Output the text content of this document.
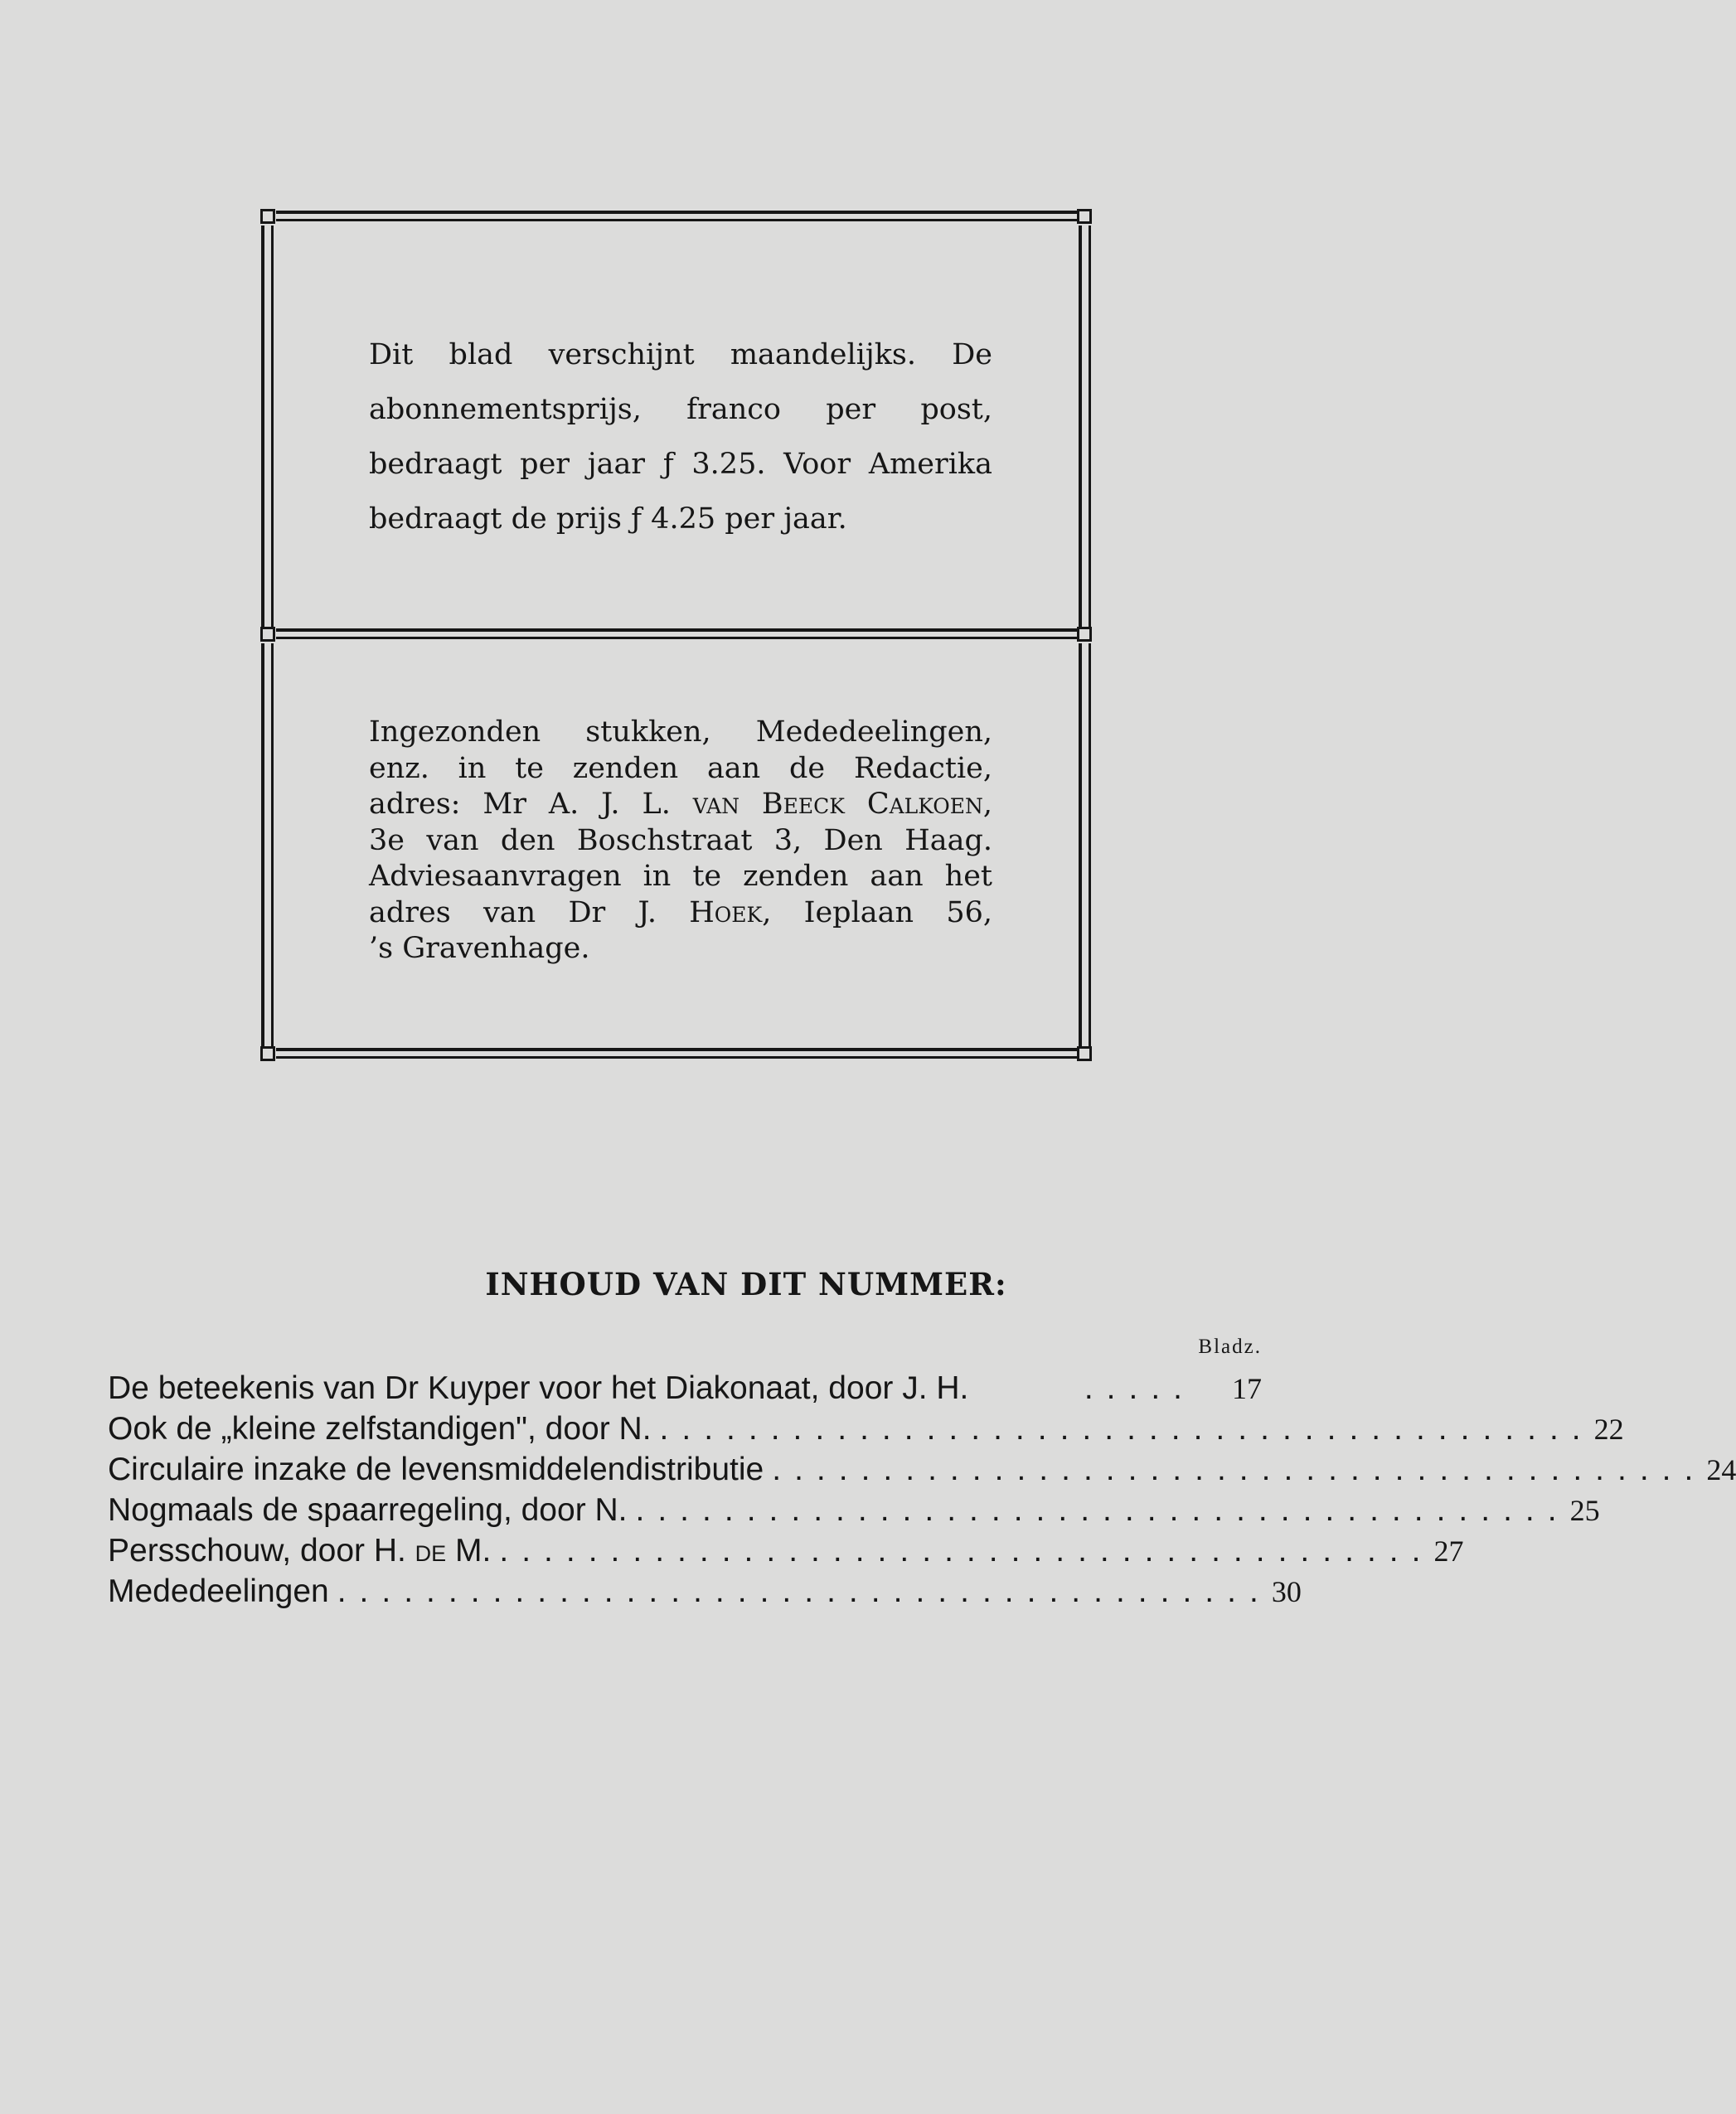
Dit blad verschijnt maandelijks. De
abonnementsprijs, franco per post,
bedraagt per jaar ƒ 3.25. Voor Amerika
bedraagt de prijs ƒ 4.25 per jaar.
Ingezonden stukken, Mededeelingen,
enz. in te zenden aan de Redactie,
adres: Mr A. J. L. van Beeck Calkoen,
3e van den Boschstraat 3, Den Haag.
Adviesaanvragen in te zenden aan het
adres van Dr J. Hoek, Ieplaan 56,
’s Gravenhage.
INHOUD VAN DIT NUMMER:
Bladz.
De beteekenis van Dr Kuyper voor het Diakonaat, door J. H.	.....	17
Ook de „kleine zelfstandigen", door N. .......................................... 22
Circulaire inzake de levensmiddelendistributie .......................................... 24
Nogmaals de spaarregeling, door N. .......................................... 25
Persschouw, door H. de M. .......................................... 27
Mededeelingen .......................................... 30
